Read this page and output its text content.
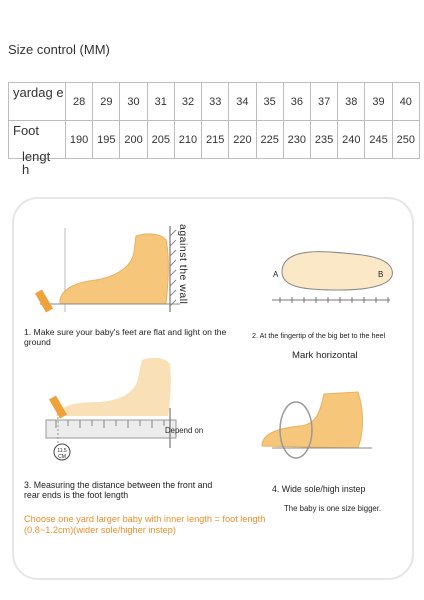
Size control (MM)
yardag e	28	29	30	31	32	33	34	35	36	37	38	39	40
Foot	190	195	200	205	210	215	220	225	230	235	240	245	250
lengt h
against the wall
1. Make sure your baby's feet are flat and light on the ground
A	B
2. At the fingertip of the big bet to the heel
Mark horizontal
Depend on
11.5 CM
3. Measuring the distance between the front and rear ends is the foot length
4. Wide sole/high instep
The baby is one size bigger.
Choose one yard larger baby with inner length = foot length (0.8~1.2cm)(wider sole/higher instep)
